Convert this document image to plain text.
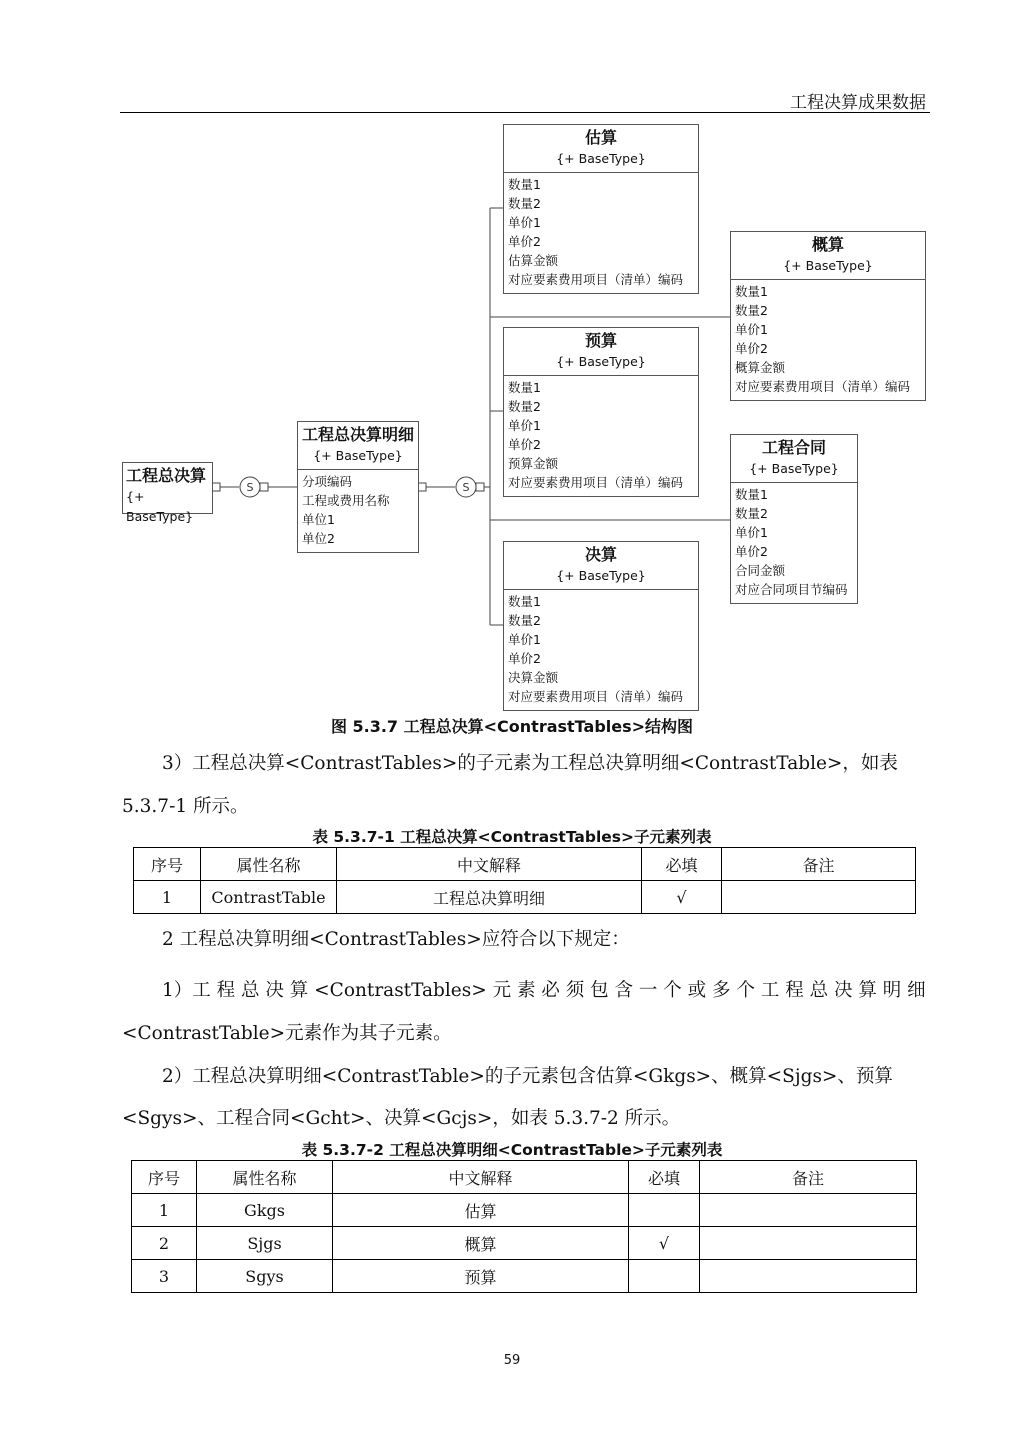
工程决算成果数据
S	S
工程总决算
{+ BaseType}
工程总决算明细
{+ BaseType}
分项编码
工程或费用名称
单位1
单位2
估算
{+ BaseType}
数量1
数量2
单价1
单价2
估算金额
对应要素费用项目（清单）编码
预算
{+ BaseType}
数量1
数量2
单价1
单价2
预算金额
对应要素费用项目（清单）编码
决算
{+ BaseType}
数量1
数量2
单价1
单价2
决算金额
对应要素费用项目（清单）编码
概算
{+ BaseType}
数量1
数量2
单价1
单价2
概算金额
对应要素费用项目（清单）编码
工程合同
{+ BaseType}
数量1
数量2
单价1
单价2
合同金额
对应合同项目节编码
图 5.3.7 工程总决算<ContrastTables>结构图
3）工程总决算<ContrastTables>的子元素为工程总决算明细<ContrastTable>，如表
5.3.7-1 所示。
表 5.3.7-1 工程总决算<ContrastTables>子元素列表
序号	属性名称	中文解释	必填	备注
1	ContrastTable	工程总决算明细	√	
2 工程总决算明细<ContrastTables>应符合以下规定：
1）工 程 总 决 算 <ContrastTables> 元 素 必 须 包 含 一 个 或 多 个 工 程 总 决 算 明 细
<ContrastTable>元素作为其子元素。
2）工程总决算明细<ContrastTable>的子元素包含估算<Gkgs>、概算<Sjgs>、预算
<Sgys>、工程合同<Gcht>、决算<Gcjs>，如表 5.3.7-2 所示。
表 5.3.7-2 工程总决算明细<ContrastTable>子元素列表
序号	属性名称	中文解释	必填	备注
1	Gkgs	估算		
2	Sjgs	概算	√	
3	Sgys	预算		
59
